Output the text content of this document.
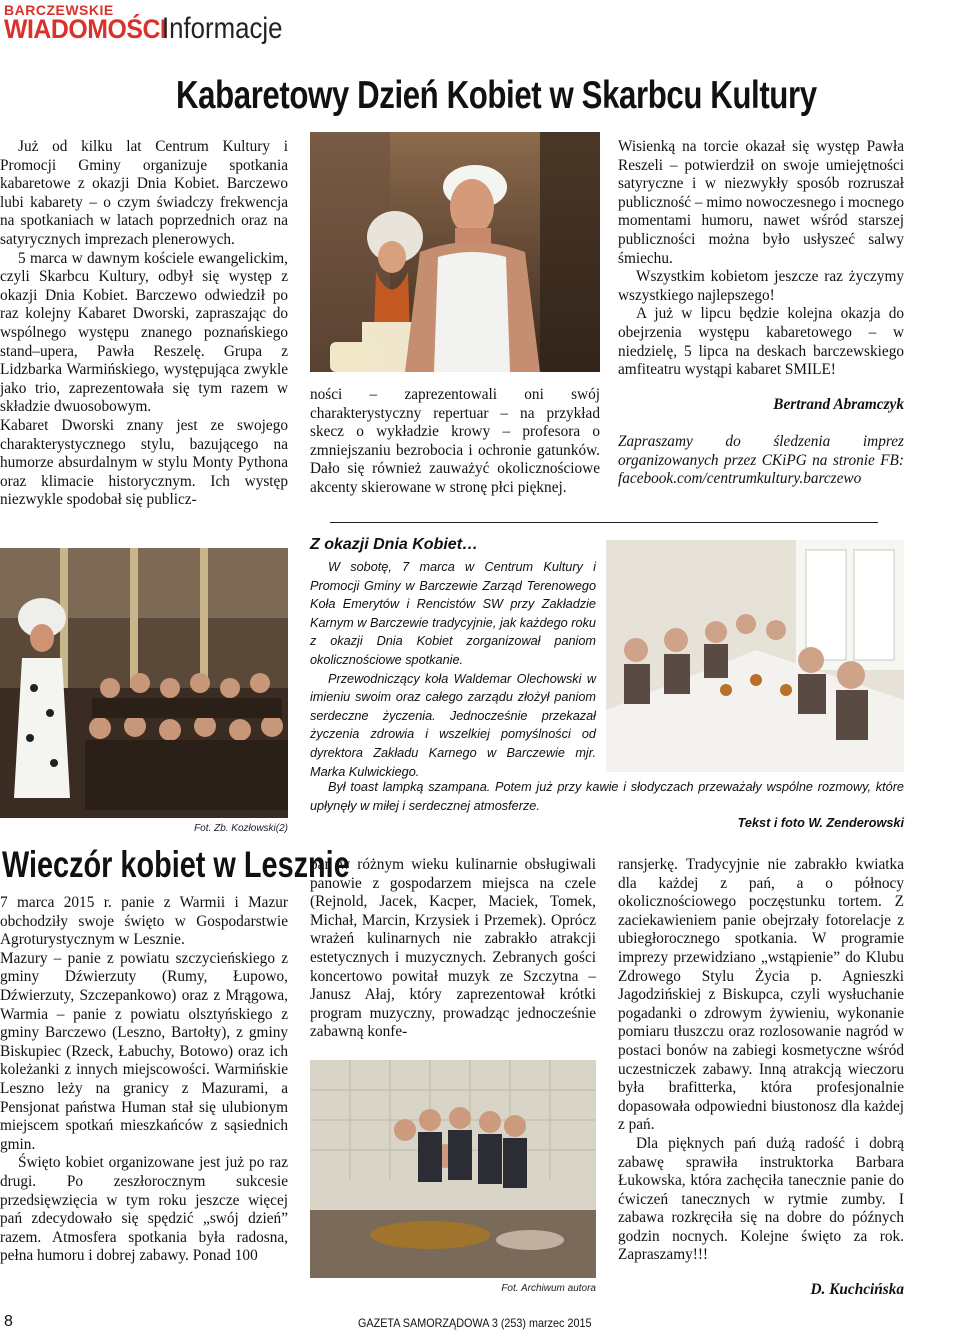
BARCZEWSKIE
WIADOMOŚCI
Informacje
Kabaretowy Dzień Kobiet w Skarbcu Kultury

Już od kilku lat Centrum Kultury i Promocji Gminy organizuje spotkania kabaretowe z okazji Dnia Kobiet. Barczewo lubi kabarety – o czym świadczy frekwencja na spotkaniach w latach poprzednich oraz na satyrycznych imprezach plenerowych.

5 marca w dawnym kościele ewangelickim, czyli Skarbcu Kultury, odbył się występ z okazji Dnia Kobiet. Barczewo odwiedził po raz kolejny Kabaret Dworski, zapraszając do wspólnego występu znanego poznańskiego stand–upera, Pawła Reszelę. Grupa z Lidzbarka Warmińskiego, występująca zwykle jako trio, zaprezentowała się tym razem w składzie dwuosobowym.

Kabaret Dworski znany jest ze swojego charakterystycznego stylu, bazującego na humorze absurdalnym w stylu Monty Pythona oraz klimacie historycznym. Ich występ niezwykle spodobał się publicz-

ności – zaprezentowali oni swój charakterystyczny repertuar – na przykład skecz o wykładzie krowy – profesora o zmniejszaniu bezrobocia i ochronie gatunków. Dało się również zauważyć okolicznościowe akcenty skierowane w stronę płci pięknej.

Wisienką na torcie okazał się występ Pawła Reszeli – potwierdził on swoje umiejętności satyryczne i w niezwykły sposób rozruszał publiczność – mimo nowoczesnego i mocnego momentami humoru, nawet wśród starszej publiczności można było usłyszeć salwy śmiechu.

Wszystkim kobietom jeszcze raz życzymy wszystkiego najlepszego!

A już w lipcu będzie kolejna okazja do obejrzenia występu kabaretowego – w niedzielę, 5 lipca na deskach barczewskiego amfiteatru wystąpi kabaret SMILE!

Bertrand Abramczyk
Zapraszamy do śledzenia imprez organizowanych przez CKiPG na stronie FB: facebook.com/centrumkultury.barczewo
Fot. Zb. Kozłowski(2)
Z okazji Dnia Kobiet…

W sobotę, 7 marca w Centrum Kultury i Promocji Gminy w Barczewie Zarząd Terenowego Koła Emerytów i Rencistów SW przy Zakładzie Karnym w Barczewie tradycyjnie, jak każdego roku z okazji Dnia Kobiet zorganizował paniom okolicznościowe spotkanie.

Przewodniczący koła Waldemar Olechowski w imieniu swoim oraz całego zarządu złożył paniom serdeczne życzenia. Jednocześnie przekazał życzenia zdrowia i wszelkiej pomyślności od dyrektora Zakładu Karnego w Barczewie mjr. Marka Kulwickiego.

Był toast lampką szampana. Potem już przy kawie i słodyczach przeważały wspólne rozmowy, które upłynęły w miłej i serdecznej atmosferze.

Tekst i foto W. Zenderowski
Wieczór kobiet w Lesznie

7 marca 2015 r. panie z Warmii i Mazur obchodziły swoje święto w Gospodarstwie Agroturystycznym w Lesznie.

Mazury – panie z powiatu szczycieńskiego z gminy Dźwierzuty (Rumy, Łupowo, Dźwierzuty, Szczepankowo) oraz z Mrągowa, Warmia – panie z powiatu olsztyńskiego z gminy Barczewo (Leszno, Bartołty), z gminy Biskupiec (Rzeck, Łabuchy, Botowo) oraz ich koleżanki z innych miejscowości. Warmińskie Leszno leży na granicy z Mazurami, a Pensjonat państwa Human stał się ulubionym miejscem spotkań mieszkańców z sąsiednich gmin.

Święto kobiet organizowane jest już po raz drugi. Po zeszłorocznym sukcesie przedsięwzięcia w tym roku jeszcze więcej pań zdecydowało się spędzić „swój dzień” razem. Atmosfera spotkania była radosna, pełna humoru i dobrej zabawy. Ponad 100

pań w różnym wieku kulinarnie obsługiwali panowie z gospodarzem miejsca na czele (Rejnold, Jacek, Kacper, Maciek, Tomek, Michał, Marcin, Krzysiek i Przemek). Oprócz wrażeń kulinarnych nie zabrakło atrakcji estetycznych i muzycznych. Zebranych gości koncertowo powitał muzyk ze Szczytna – Janusz Ałaj, który zaprezentował krótki program muzyczny, prowadząc jednocześnie zabawną konfe-

Fot. Archiwum autora

ransjerkę. Tradycyjnie nie zabrakło kwiatka dla każdej z pań, a o północy okolicznościowego poczęstunku tortem. Z zaciekawieniem panie obejrzały fotorelacje z ubiegłorocznego spotkania. W programie imprezy przewidziano „wstąpienie” do Klubu Zdrowego Stylu Życia p. Agnieszki Jagodzińskiej z Biskupca, czyli wysłuchanie pogadanki o zdrowym żywieniu, wykonanie pomiaru tłuszczu oraz rozlosowanie nagród w postaci bonów na zabiegi kosmetyczne wśród uczestniczek zabawy. Inną atrakcją wieczoru była brafitterka, która profesjonalnie dopasowała odpowiedni biustonosz dla każdej z pań.

Dla pięknych pań dużą radość i dobrą zabawę sprawiła instruktorka Barbara Łukowska, która zachęciła tanecznie panie do ćwiczeń tanecznych w rytmie zumby. I zabawa rozkręciła się na dobre do późnych godzin nocnych. Kolejne święto za rok. Zapraszamy!!!

D. Kuchcińska
8	GAZETA SAMORZĄDOWA 3 (253) marzec 2015
